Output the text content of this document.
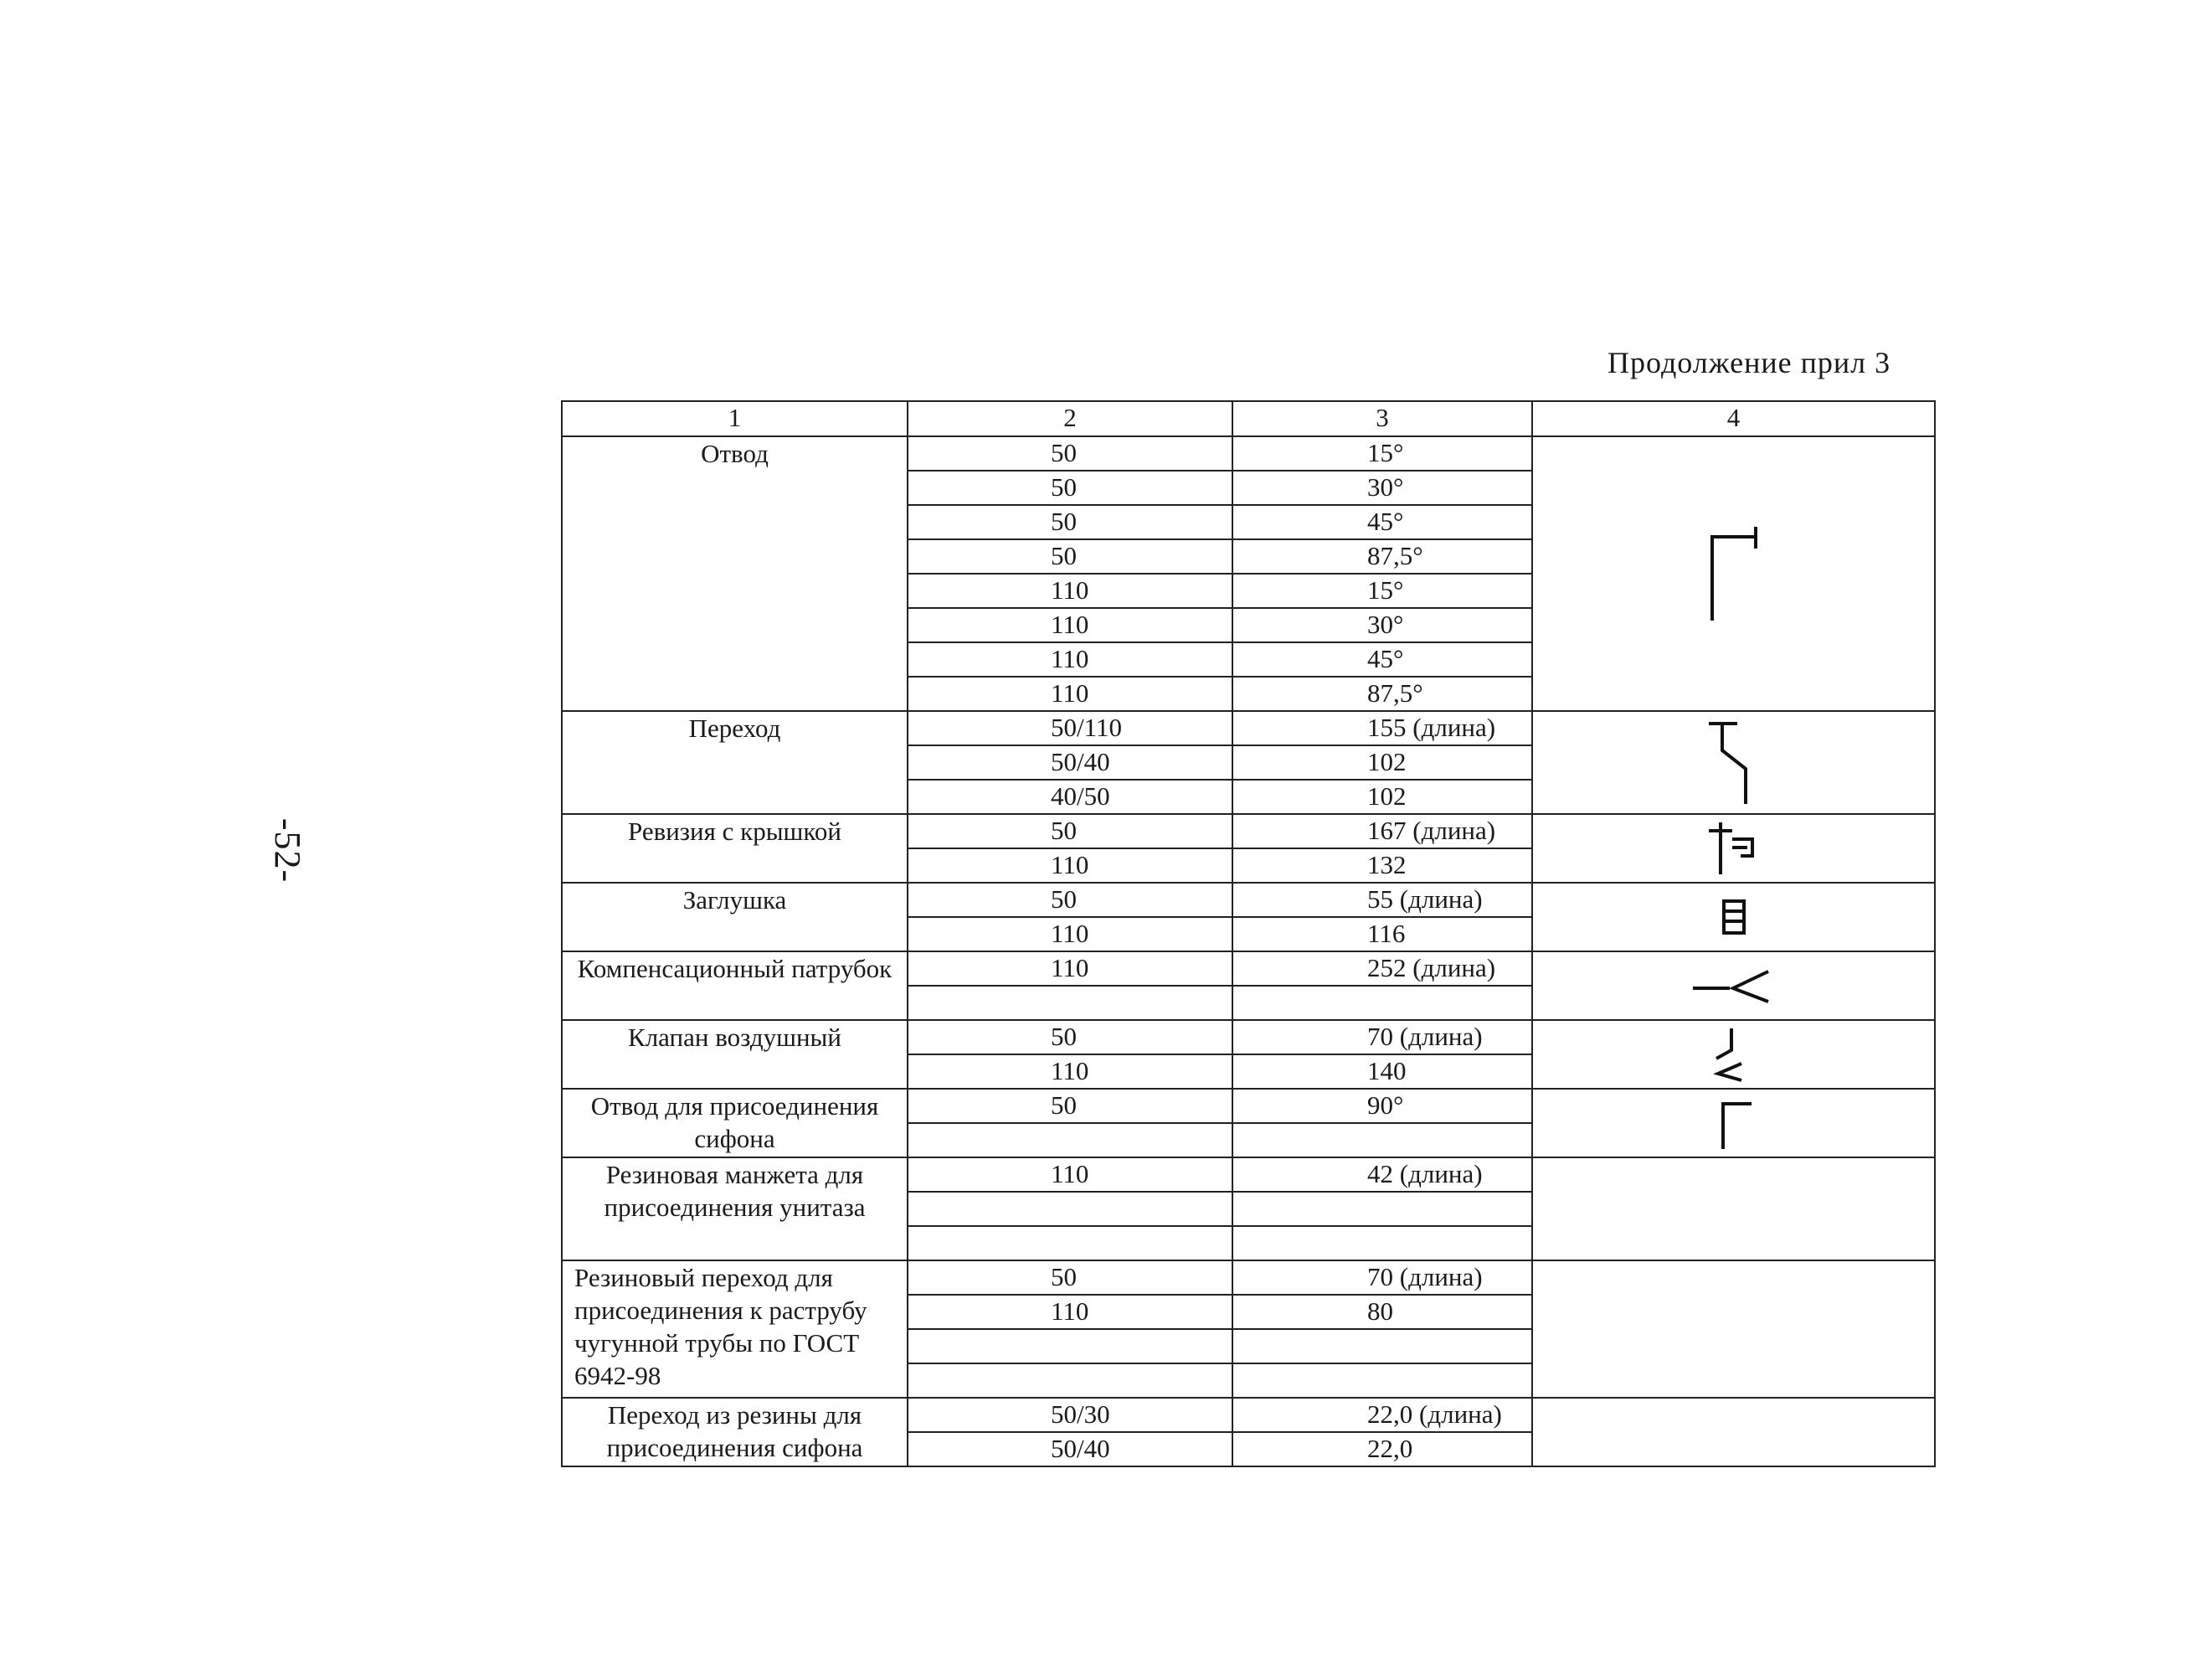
-52-
Продолжение прил 3
1	2	3	4
Отвод	50	15°	

	50	30°	
	50	45°	
	50	87,5°	
	110	15°	
	110	30°	
	110	45°	
	110	87,5°	
Переход	50/110	155 (длина)	

	50/40	102	
	40/50	102	
Ревизия с крышкой	50	167 (длина)	

	110	132	
Заглушка	50	55 (длина)	

	110	116	
Компенсационный патрубок	110	252 (длина)	

Клапан воздушный	50	70 (длина)	

	110	140	
Отвод для присоединения сифона	50	90°	

Резиновая манжета для присоединения унитаза	110	42 (длина)	

Резиновый переход для присоединения к раструбу чугунной трубы по ГОСТ 6942-98	50	70 (длина)	
	110	80	

Переход из резины для присоединения сифона	50/30	22,0 (длина)	
	50/40	22,0	
